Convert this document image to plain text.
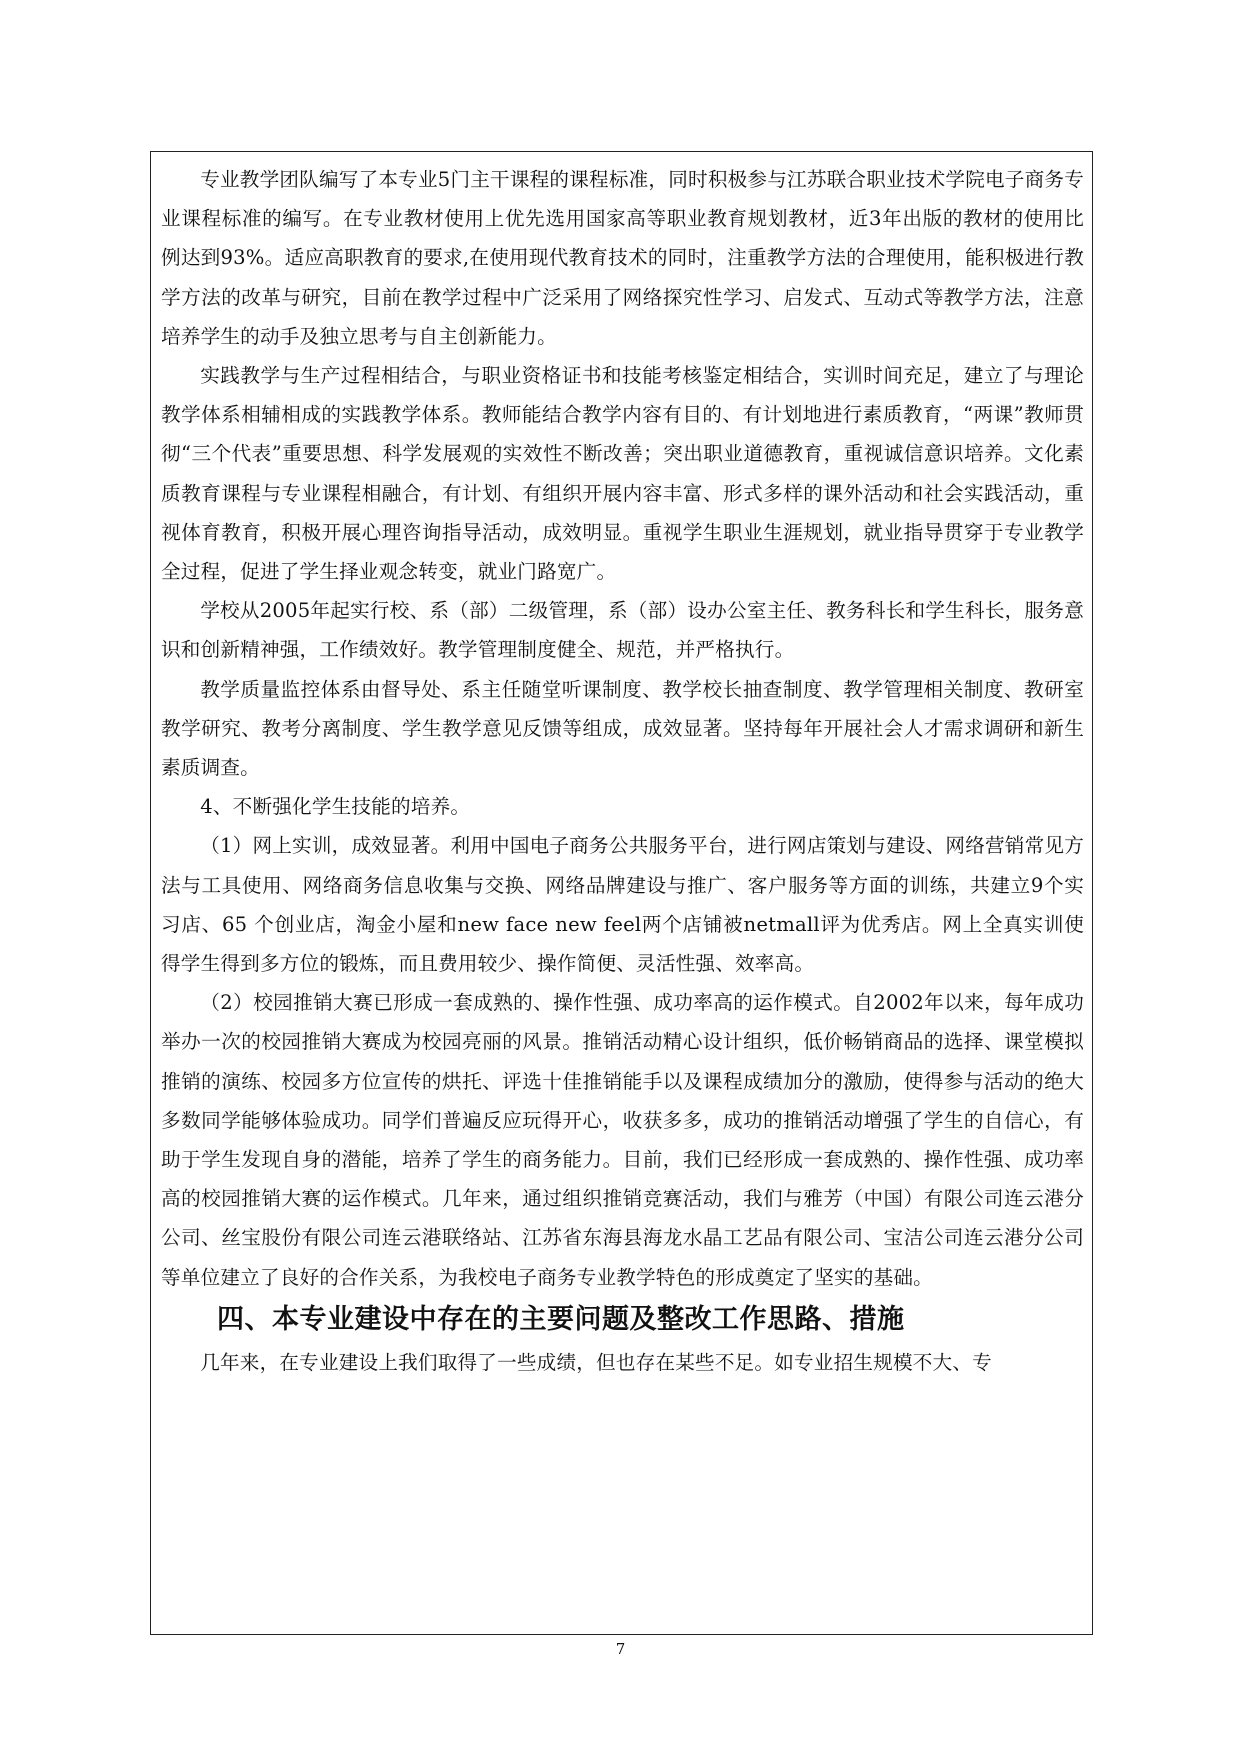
专业教学团队编写了本专业5门主干课程的课程标准，同时积极参与江苏联合职业技术学院电子商务专业课程标准的编写。在专业教材使用上优先选用国家高等职业教育规划教材，近3年出版的教材的使用比例达到93%。适应高职教育的要求,在使用现代教育技术的同时，注重教学方法的合理使用，能积极进行教学方法的改革与研究，目前在教学过程中广泛采用了网络探究性学习、启发式、互动式等教学方法，注意培养学生的动手及独立思考与自主创新能力。

实践教学与生产过程相结合，与职业资格证书和技能考核鉴定相结合，实训时间充足，建立了与理论教学体系相辅相成的实践教学体系。教师能结合教学内容有目的、有计划地进行素质教育，“两课”教师贯彻“三个代表”重要思想、科学发展观的实效性不断改善；突出职业道德教育，重视诚信意识培养。文化素质教育课程与专业课程相融合，有计划、有组织开展内容丰富、形式多样的课外活动和社会实践活动，重视体育教育，积极开展心理咨询指导活动，成效明显。重视学生职业生涯规划，就业指导贯穿于专业教学全过程，促进了学生择业观念转变，就业门路宽广。

学校从2005年起实行校、系（部）二级管理，系（部）设办公室主任、教务科长和学生科长，服务意识和创新精神强，工作绩效好。教学管理制度健全、规范，并严格执行。

教学质量监控体系由督导处、系主任随堂听课制度、教学校长抽查制度、教学管理相关制度、教研室教学研究、教考分离制度、学生教学意见反馈等组成，成效显著。坚持每年开展社会人才需求调研和新生素质调查。

4、不断强化学生技能的培养。

（1）网上实训，成效显著。利用中国电子商务公共服务平台，进行网店策划与建设、网络营销常见方法与工具使用、网络商务信息收集与交换、网络品牌建设与推广、客户服务等方面的训练，共建立9个实习店、65 个创业店，淘金小屋和new face new feel两个店铺被netmall评为优秀店。网上全真实训使得学生得到多方位的锻炼，而且费用较少、操作简便、灵活性强、效率高。

（2）校园推销大赛已形成一套成熟的、操作性强、成功率高的运作模式。自2002年以来，每年成功举办一次的校园推销大赛成为校园亮丽的风景。推销活动精心设计组织，低价畅销商品的选择、课堂模拟推销的演练、校园多方位宣传的烘托、评选十佳推销能手以及课程成绩加分的激励，使得参与活动的绝大多数同学能够体验成功。同学们普遍反应玩得开心，收获多多，成功的推销活动增强了学生的自信心，有助于学生发现自身的潜能，培养了学生的商务能力。目前，我们已经形成一套成熟的、操作性强、成功率高的校园推销大赛的运作模式。几年来，通过组织推销竞赛活动，我们与雅芳（中国）有限公司连云港分公司、丝宝股份有限公司连云港联络站、江苏省东海县海龙水晶工艺品有限公司、宝洁公司连云港分公司等单位建立了良好的合作关系，为我校电子商务专业教学特色的形成奠定了坚实的基础。

四、本专业建设中存在的主要问题及整改工作思路、措施

几年来，在专业建设上我们取得了一些成绩，但也存在某些不足。如专业招生规模不大、专

7
